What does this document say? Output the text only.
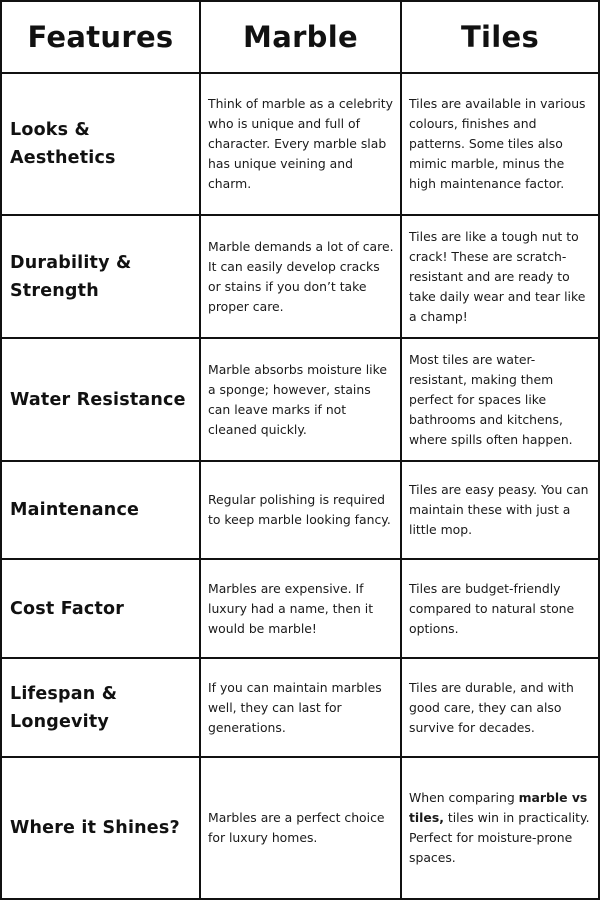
Features	Marble	Tiles
Looks & Aesthetics
Think of marble as a celebrity who is unique and full of character. Every marble slab has unique veining and charm.
Tiles are available in various colours, finishes and patterns. Some tiles also mimic marble, minus the high maintenance factor.
Durability & Strength
Marble demands a lot of care. It can easily develop cracks or stains if you don’t take proper care.
Tiles are like a tough nut to crack! These are scratch-resistant and are ready to take daily wear and tear like a champ!
Water Resistance
Marble absorbs moisture like a sponge; however, stains can leave marks if not cleaned quickly.
Most tiles are water-resistant, making them perfect for spaces like bathrooms and kitchens, where spills often happen.
Maintenance
Regular polishing is required to keep marble looking fancy.
Tiles are easy peasy. You can maintain these with just a little mop.
Cost Factor
Marbles are expensive. If luxury had a name, then it would be marble!
Tiles are budget-friendly compared to natural stone options.
Lifespan & Longevity
If you can maintain marbles well, they can last for generations.
Tiles are durable, and with good care, they can also survive for decades.
Where it Shines?
Marbles are a perfect choice for luxury homes.
When comparing marble vs tiles, tiles win in practicality. Perfect for moisture-prone spaces.
